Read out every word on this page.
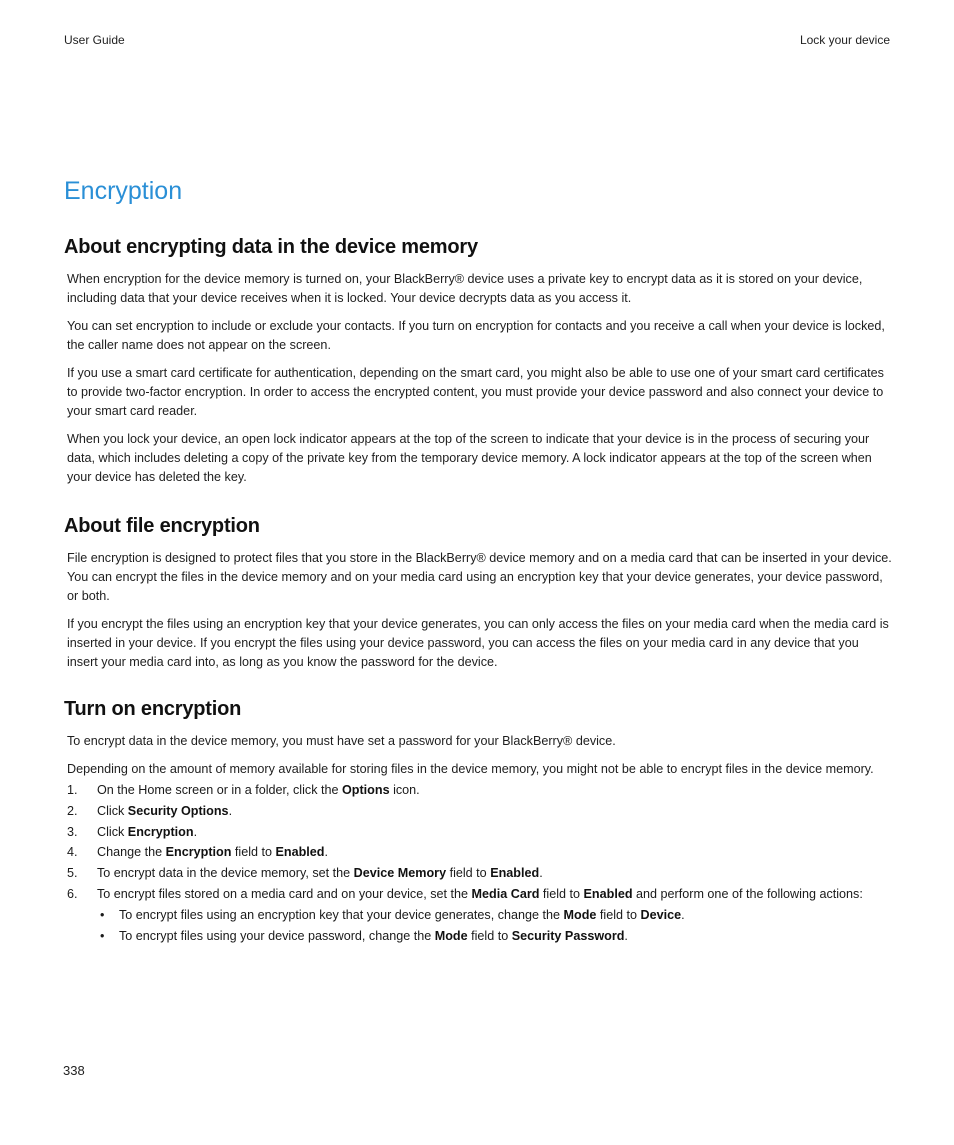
User Guide	Lock your device
Encryption
About encrypting data in the device memory

When encryption for the device memory is turned on, your BlackBerry® device uses a private key to encrypt data as it is stored on your device, including data that your device receives when it is locked. Your device decrypts data as you access it.

You can set encryption to include or exclude your contacts. If you turn on encryption for contacts and you receive a call when your device is locked, the caller name does not appear on the screen.

If you use a smart card certificate for authentication, depending on the smart card, you might also be able to use one of your smart card certificates to provide two-factor encryption. In order to access the encrypted content, you must provide your device password and also connect your device to your smart card reader.

When you lock your device, an open lock indicator appears at the top of the screen to indicate that your device is in the process of securing your data, which includes deleting a copy of the private key from the temporary device memory. A lock indicator appears at the top of the screen when your device has deleted the key.

About file encryption

File encryption is designed to protect files that you store in the BlackBerry® device memory and on a media card that can be inserted in your device. You can encrypt the files in the device memory and on your media card using an encryption key that your device generates, your device password, or both.

If you encrypt the files using an encryption key that your device generates, you can only access the files on your media card when the media card is inserted in your device. If you encrypt the files using your device password, you can access the files on your media card in any device that you insert your media card into, as long as you know the password for the device.

Turn on encryption

To encrypt data in the device memory, you must have set a password for your BlackBerry® device.

Depending on the amount of memory available for storing files in the device memory, you might not be able to encrypt files in the device memory.

1. On the Home screen or in a folder, click the Options icon.
2. Click Security Options.
3. Click Encryption.
4. Change the Encryption field to Enabled.
5. To encrypt data in the device memory, set the Device Memory field to Enabled.
6. To encrypt files stored on a media card and on your device, set the Media Card field to Enabled and perform one of the following actions:
• To encrypt files using an encryption key that your device generates, change the Mode field to Device.
• To encrypt files using your device password, change the Mode field to Security Password.
338
